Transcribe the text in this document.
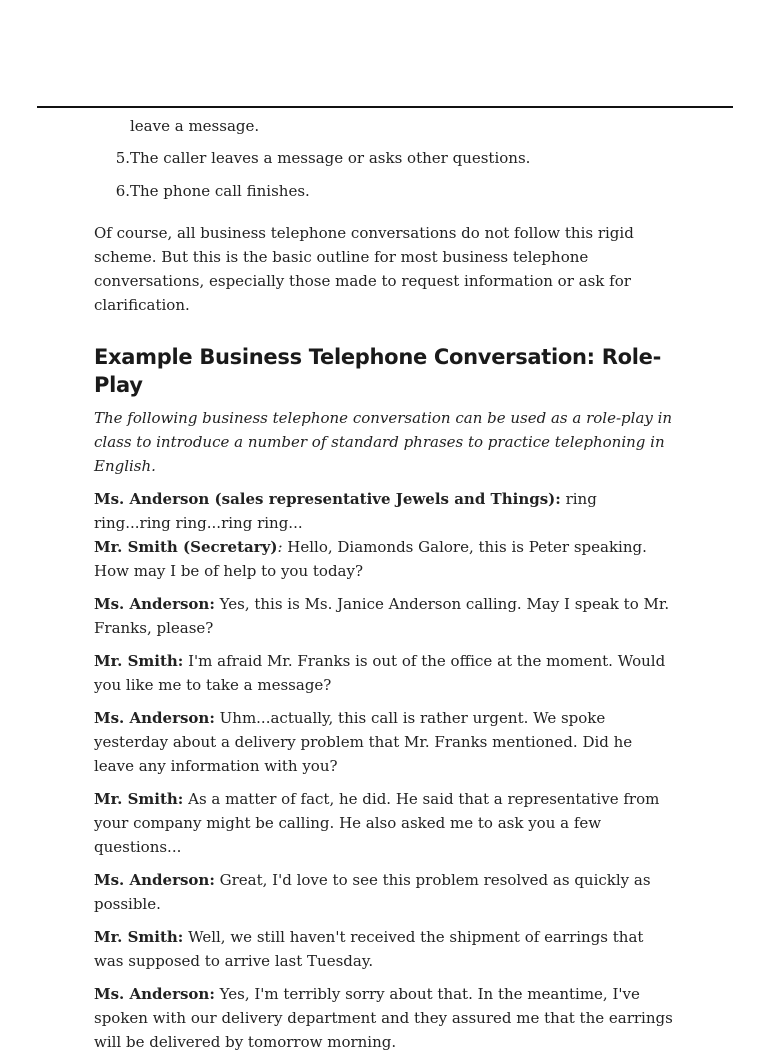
leave a message.
5. The caller leaves a message or asks other questions.
6. The phone call finishes.

Of course, all business telephone conversations do not follow this rigid scheme. But this is the basic outline for most business telephone conversations, especially those made to request information or ask for clarification.

Example Business Telephone Conversation: Role-Play

The following business telephone conversation can be used as a role-play in class to introduce a number of standard phrases to practice telephoning in English.

Ms. Anderson (sales representative Jewels and Things): ring ring...ring ring...ring ring...

Mr. Smith (Secretary): Hello, Diamonds Galore, this is Peter speaking. How may I be of help to you today?

Ms. Anderson: Yes, this is Ms. Janice Anderson calling. May I speak to Mr. Franks, please?

Mr. Smith: I'm afraid Mr. Franks is out of the office at the moment. Would you like me to take a message?

Ms. Anderson: Uhm...actually, this call is rather urgent. We spoke yesterday about a delivery problem that Mr. Franks mentioned. Did he leave any information with you?

Mr. Smith: As a matter of fact, he did. He said that a representative from your company might be calling. He also asked me to ask you a few questions...

Ms. Anderson: Great, I'd love to see this problem resolved as quickly as possible.

Mr. Smith: Well, we still haven't received the shipment of earrings that was supposed to arrive last Tuesday.

Ms. Anderson: Yes, I'm terribly sorry about that. In the meantime, I've spoken with our delivery department and they assured me that the earrings will be delivered by tomorrow morning.
